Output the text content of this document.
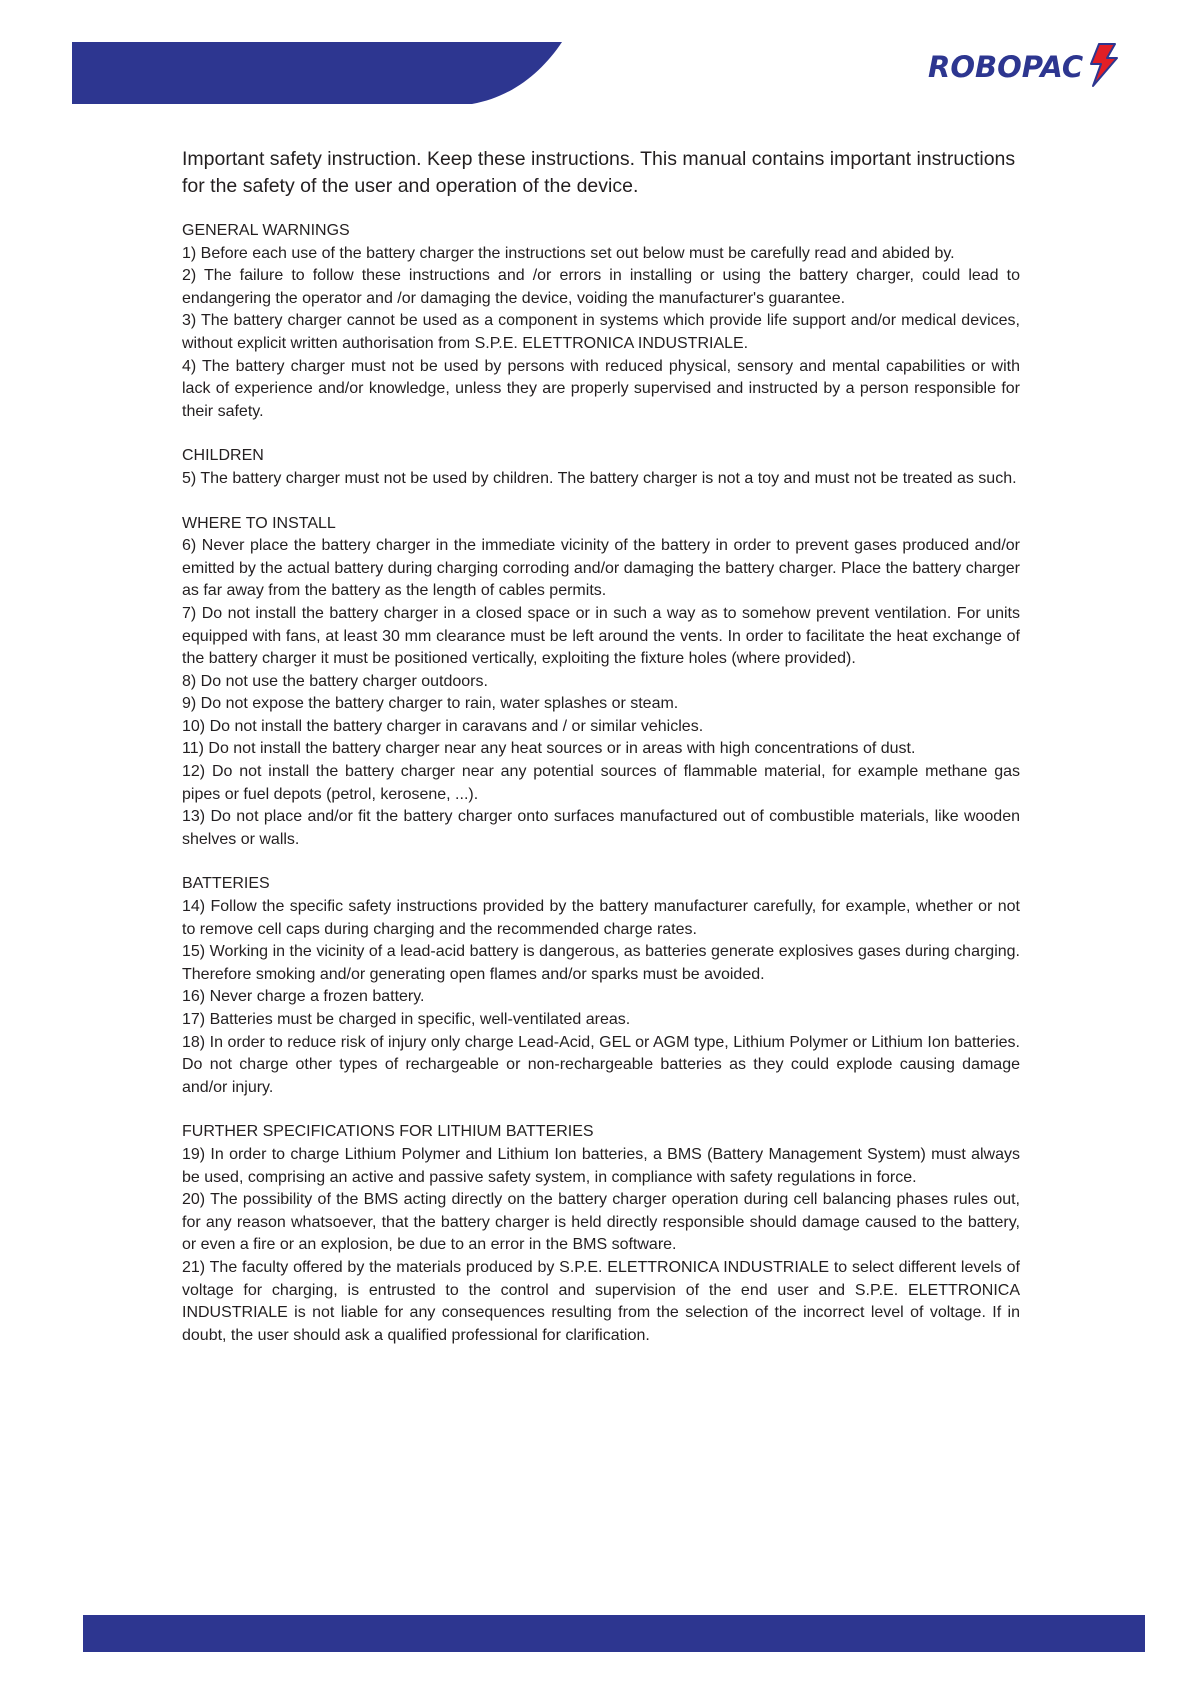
ROBOPAC

Important safety instruction. Keep these instructions. This manual contains important instructions for the safety of the user and operation of the device.

GENERAL WARNINGS

1) Before each use of the battery charger the instructions set out below must be carefully read and abided by.

2) The failure to follow these instructions and /or errors in installing or using the battery charger, could lead to endangering the operator and /or damaging the device, voiding the manufacturer's guarantee.

3) The battery charger cannot be used as a component in systems which provide life support and/or medical devices, without explicit written authorisation from S.P.E. ELETTRONICA INDUSTRIALE.

4) The battery charger must not be used by persons with reduced physical, sensory and mental capabilities or with lack of experience and/or knowledge, unless they are properly supervised and instructed by a person responsible for their safety.

CHILDREN

5) The battery charger must not be used by children. The battery charger is not a toy and must not be treated as such.

WHERE TO INSTALL

6) Never place the battery charger in the immediate vicinity of the battery in order to prevent gases produced and/or emitted by the actual battery during charging corroding and/or damaging the battery charger. Place the battery charger as far away from the battery as the length of cables permits.

7) Do not install the battery charger in a closed space or in such a way as to somehow prevent ventilation. For units equipped with fans, at least 30 mm clearance must be left around the vents. In order to facilitate the heat exchange of the battery charger it must be positioned vertically, exploiting the fixture holes (where provided).

8) Do not use the battery charger outdoors.

9) Do not expose the battery charger to rain, water splashes or steam.

10) Do not install the battery charger in caravans and / or similar vehicles.

11) Do not install the battery charger near any heat sources or in areas with high concentrations of dust.

12) Do not install the battery charger near any potential sources of flammable material, for example methane gas pipes or fuel depots (petrol, kerosene, ...).

13) Do not place and/or fit the battery charger onto surfaces manufactured out of combustible materials, like wooden shelves or walls.

BATTERIES

14) Follow the specific safety instructions provided by the battery manufacturer carefully, for example, whether or not to remove cell caps during charging and the recommended charge rates.

15) Working in the vicinity of a lead-acid battery is dangerous, as batteries generate explosives gases during charging. Therefore smoking and/or generating open flames and/or sparks must be avoided.

16) Never charge a frozen battery.

17) Batteries must be charged in specific, well-ventilated areas.

18) In order to reduce risk of injury only charge Lead-Acid, GEL or AGM type, Lithium Polymer or Lithium Ion batteries. Do not charge other types of rechargeable or non-rechargeable batteries as they could explode causing damage and/or injury.

FURTHER SPECIFICATIONS FOR LITHIUM BATTERIES

19) In order to charge Lithium Polymer and Lithium Ion batteries, a BMS (Battery Management System) must always be used, comprising an active and passive safety system, in compliance with safety regulations in force.

20) The possibility of the BMS acting directly on the battery charger operation during cell balancing phases rules out, for any reason whatsoever, that the battery charger is held directly responsible should damage caused to the battery, or even a fire or an explosion, be due to an error in the BMS software.

21) The faculty offered by the materials produced by S.P.E. ELETTRONICA INDUSTRIALE to select different levels of voltage for charging, is entrusted to the control and supervision of the end user and S.P.E. ELETTRONICA INDUSTRIALE is not liable for any consequences resulting from the selection of the incorrect level of voltage. If in doubt, the user should ask a qualified professional for clarification.
